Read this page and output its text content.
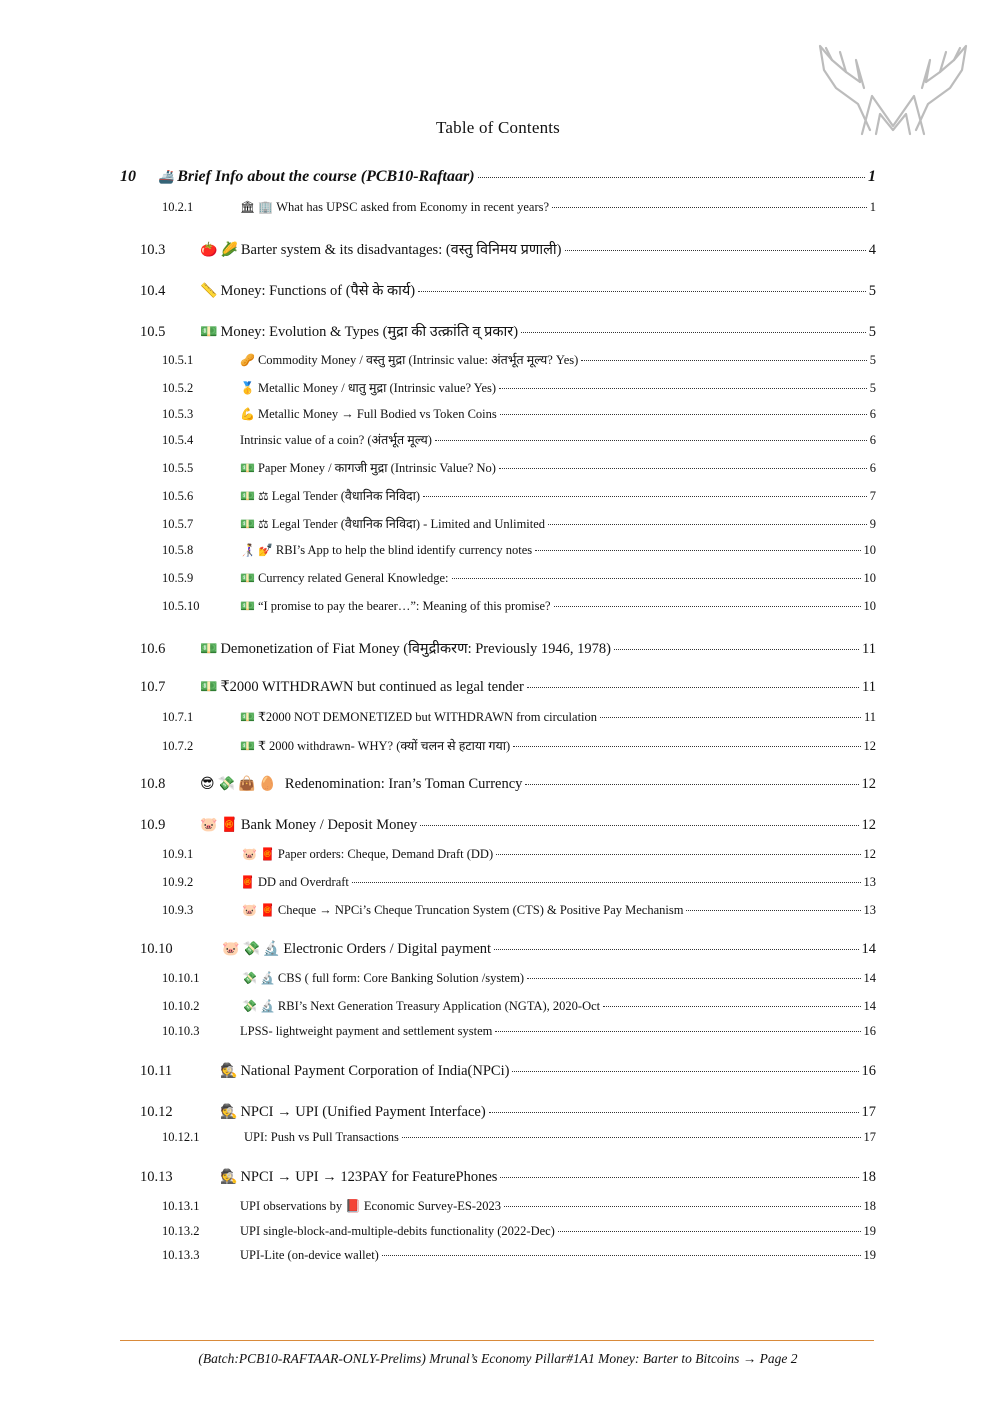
Table of Contents
10	🚢 Brief Info about the course (PCB10-Raftaar)	1
10.2.1	🏛 🏢 What has UPSC asked from Economy in recent years?	1
10.3	🍅 🌽 Barter system & its disadvantages: (वस्तु विनिमय प्रणाली)	4
10.4	📏 Money: Functions of (पैसे के कार्य)	5
10.5	💵 Money: Evolution & Types (मुद्रा की उत्क्रांति व् प्रकार)	5
10.5.1	🥜 Commodity Money / वस्तु मुद्रा (Intrinsic value: अंतर्भूत मूल्य? Yes)	5
10.5.2	🥇 Metallic Money / धातु मुद्रा (Intrinsic value? Yes)	5
10.5.3	💪 Metallic Money → Full Bodied vs Token Coins	6
10.5.4	Intrinsic value of a coin? (अंतर्भूत मूल्य)	6
10.5.5	💵 Paper Money / कागजी मुद्रा (Intrinsic Value? No)	6
10.5.6	💵 ⚖ Legal Tender (वैधानिक निविदा)	7
10.5.7	💵 ⚖ Legal Tender (वैधानिक निविदा) - Limited and Unlimited	9
10.5.8	👩‍🦯 💅 RBI’s App to help the blind identify currency notes	10
10.5.9	💵 Currency related General Knowledge:	10
10.5.10	💵 “I promise to pay the bearer…”: Meaning of this promise?	10
10.6	💵 Demonetization of Fiat Money (विमुद्रीकरण: Previously 1946, 1978)	11
10.7	💵 ₹2000 WITHDRAWN but continued as legal tender	11
10.7.1	💵 ₹2000 NOT DEMONETIZED but WITHDRAWN from circulation	11
10.7.2	💵 ₹ 2000 withdrawn- WHY? (क्यों चलन से हटाया गया)	12
10.8	😎 💸 👜 🥚 Redenomination: Iran’s Toman Currency	12
10.9	🐷 🧧 Bank Money / Deposit Money	12
10.9.1	🐷 🧧 Paper orders: Cheque, Demand Draft (DD)	12
10.9.2	🧧 DD and Overdraft	13
10.9.3	🐷 🧧 Cheque → NPCi’s Cheque Truncation System (CTS) & Positive Pay Mechanism	13
10.10	🐷 💸 🔬 Electronic Orders / Digital payment	14
10.10.1	💸 🔬 CBS ( full form: Core Banking Solution /system)	14
10.10.2	💸 🔬 RBI’s Next Generation Treasury Application (NGTA), 2020-Oct	14
10.10.3	LPSS- lightweight payment and settlement system	16
10.11	🕵 National Payment Corporation of India(NPCi)	16
10.12	🕵 NPCI → UPI (Unified Payment Interface)	17
10.12.1	UPI: Push vs Pull Transactions	17
10.13	🕵 NPCI → UPI → 123PAY for FeaturePhones	18
10.13.1	UPI observations by 📕 Economic Survey-ES-2023	18
10.13.2	UPI single-block-and-multiple-debits functionality (2022-Dec)	19
10.13.3	UPI-Lite (on-device wallet)	19
(Batch:PCB10-RAFTAAR-ONLY-Prelims) Mrunal’s Economy Pillar#1A1 Money: Barter to Bitcoins → Page 2
